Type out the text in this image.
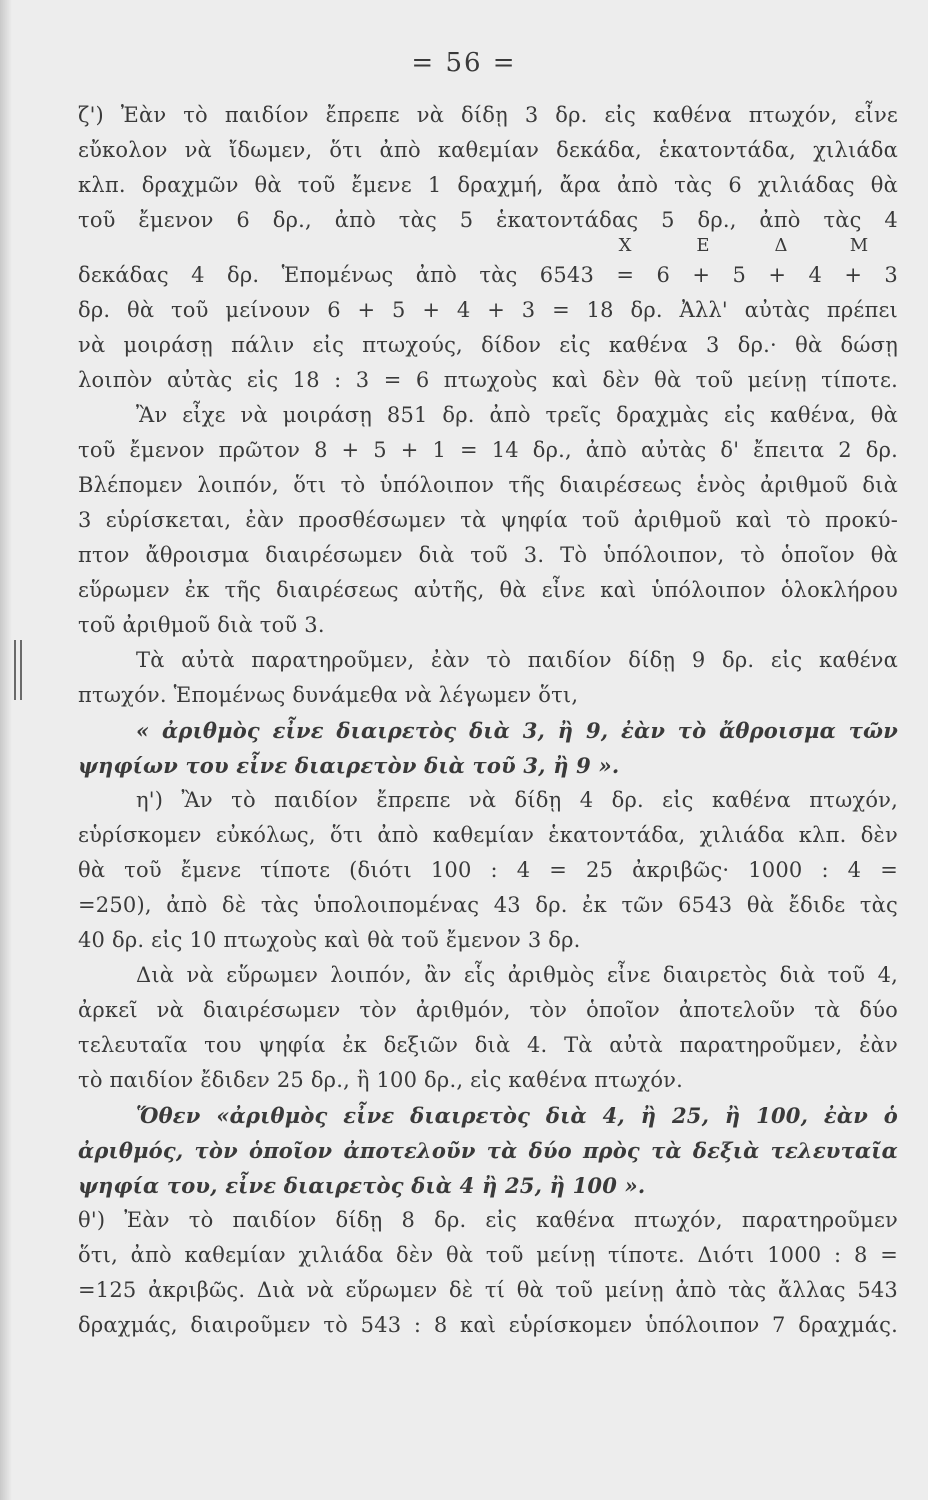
= 56 =
ζ') Ἐὰν τὸ παιδίον ἔπρεπε νὰ δίδῃ 3 δρ. εἰς καθένα πτωχόν, εἶνε
εὔκολον νὰ ἴδωμεν, ὅτι ἀπὸ καθεμίαν δεκάδα, ἑκατοντάδα, χιλιάδα
κλπ. δραχμῶν θὰ τοῦ ἔμενε 1 δραχμή, ἄρα ἀπὸ τὰς 6 χιλιάδας θὰ
τοῦ ἔμενον 6 δρ., ἀπὸ τὰς 5 ἑκατοντάδας 5 δρ., ἀπὸ τὰς 4
Χ	Ε	Δ	Μ
δεκάδας 4 δρ. Ἑπομένως ἀπὸ τὰς 6543 = 6 + 5 + 4 + 3
δρ. θὰ τοῦ μείνουν 6 + 5 + 4 + 3 = 18 δρ. Ἀλλ' αὐτὰς πρέπει
νὰ μοιράσῃ πάλιν εἰς πτωχούς, δίδον εἰς καθένα 3 δρ.· θὰ δώσῃ
λοιπὸν αὐτὰς εἰς 18 : 3 = 6 πτωχοὺς καὶ δὲν θὰ τοῦ μείνῃ τίποτε.
Ἂν εἶχε νὰ μοιράσῃ 851 δρ. ἀπὸ τρεῖς δραχμὰς εἰς καθένα, θὰ
τοῦ ἔμενον πρῶτον 8 + 5 + 1 = 14 δρ., ἀπὸ αὐτὰς δ' ἔπειτα 2 δρ.
Βλέπομεν λοιπόν, ὅτι τὸ ὑπόλοιπον τῆς διαιρέσεως ἑνὸς ἀριθμοῦ διὰ
3 εὑρίσκεται, ἐὰν προσθέσωμεν τὰ ψηφία τοῦ ἀριθμοῦ καὶ τὸ προκύ-
πτον ἄθροισμα διαιρέσωμεν διὰ τοῦ 3. Τὸ ὑπόλοιπον, τὸ ὁποῖον θὰ
εὕρωμεν ἐκ τῆς διαιρέσεως αὐτῆς, θὰ εἶνε καὶ ὑπόλοιπον ὁλοκλήρου
τοῦ ἀριθμοῦ διὰ τοῦ 3.
Τὰ αὐτὰ παρατηροῦμεν, ἐὰν τὸ παιδίον δίδῃ 9 δρ. εἰς καθένα
πτωχόν. Ἑπομένως δυνάμεθα νὰ λέγωμεν ὅτι,
« ἀριθμὸς εἶνε διαιρετὸς διὰ 3, ἢ 9, ἐὰν τὸ ἄθροισμα τῶν
ψηφίων του εἶνε διαιρετὸν διὰ τοῦ 3, ἢ 9 ».
η') Ἂν τὸ παιδίον ἔπρεπε νὰ δίδῃ 4 δρ. εἰς καθένα πτωχόν,
εὑρίσκομεν εὐκόλως, ὅτι ἀπὸ καθεμίαν ἑκατοντάδα, χιλιάδα κλπ. δὲν
θὰ τοῦ ἔμενε τίποτε (διότι 100 : 4 = 25 ἀκριβῶς· 1000 : 4 =
=250), ἀπὸ δὲ τὰς ὑπολοιπομένας 43 δρ. ἐκ τῶν 6543 θὰ ἔδιδε τὰς
40 δρ. εἰς 10 πτωχοὺς καὶ θὰ τοῦ ἔμενον 3 δρ.
Διὰ νὰ εὕρωμεν λοιπόν, ἂν εἷς ἀριθμὸς εἶνε διαιρετὸς διὰ τοῦ 4,
ἀρκεῖ νὰ διαιρέσωμεν τὸν ἀριθμόν, τὸν ὁποῖον ἀποτελοῦν τὰ δύο
τελευταῖα του ψηφία ἐκ δεξιῶν διὰ 4. Τὰ αὐτὰ παρατηροῦμεν, ἐὰν
τὸ παιδίον ἔδιδεν 25 δρ., ἢ 100 δρ., εἰς καθένα πτωχόν.
Ὅθεν «ἀριθμὸς εἶνε διαιρετὸς διὰ 4, ἢ 25, ἢ 100, ἐὰν ὁ
ἀριθμός, τὸν ὁποῖον ἀποτελοῦν τὰ δύο πρὸς τὰ δεξιὰ τελευταῖα
ψηφία του, εἶνε διαιρετὸς διὰ 4 ἢ 25, ἢ 100 ».
θ') Ἐὰν τὸ παιδίον δίδῃ 8 δρ. εἰς καθένα πτωχόν, παρατηροῦμεν
ὅτι, ἀπὸ καθεμίαν χιλιάδα δὲν θὰ τοῦ μείνῃ τίποτε. Διότι 1000 : 8 =
=125 ἀκριβῶς. Διὰ νὰ εὕρωμεν δὲ τί θὰ τοῦ μείνῃ ἀπὸ τὰς ἄλλας 543
δραχμάς, διαιροῦμεν τὸ 543 : 8 καὶ εὑρίσκομεν ὑπόλοιπον 7 δραχμάς.
